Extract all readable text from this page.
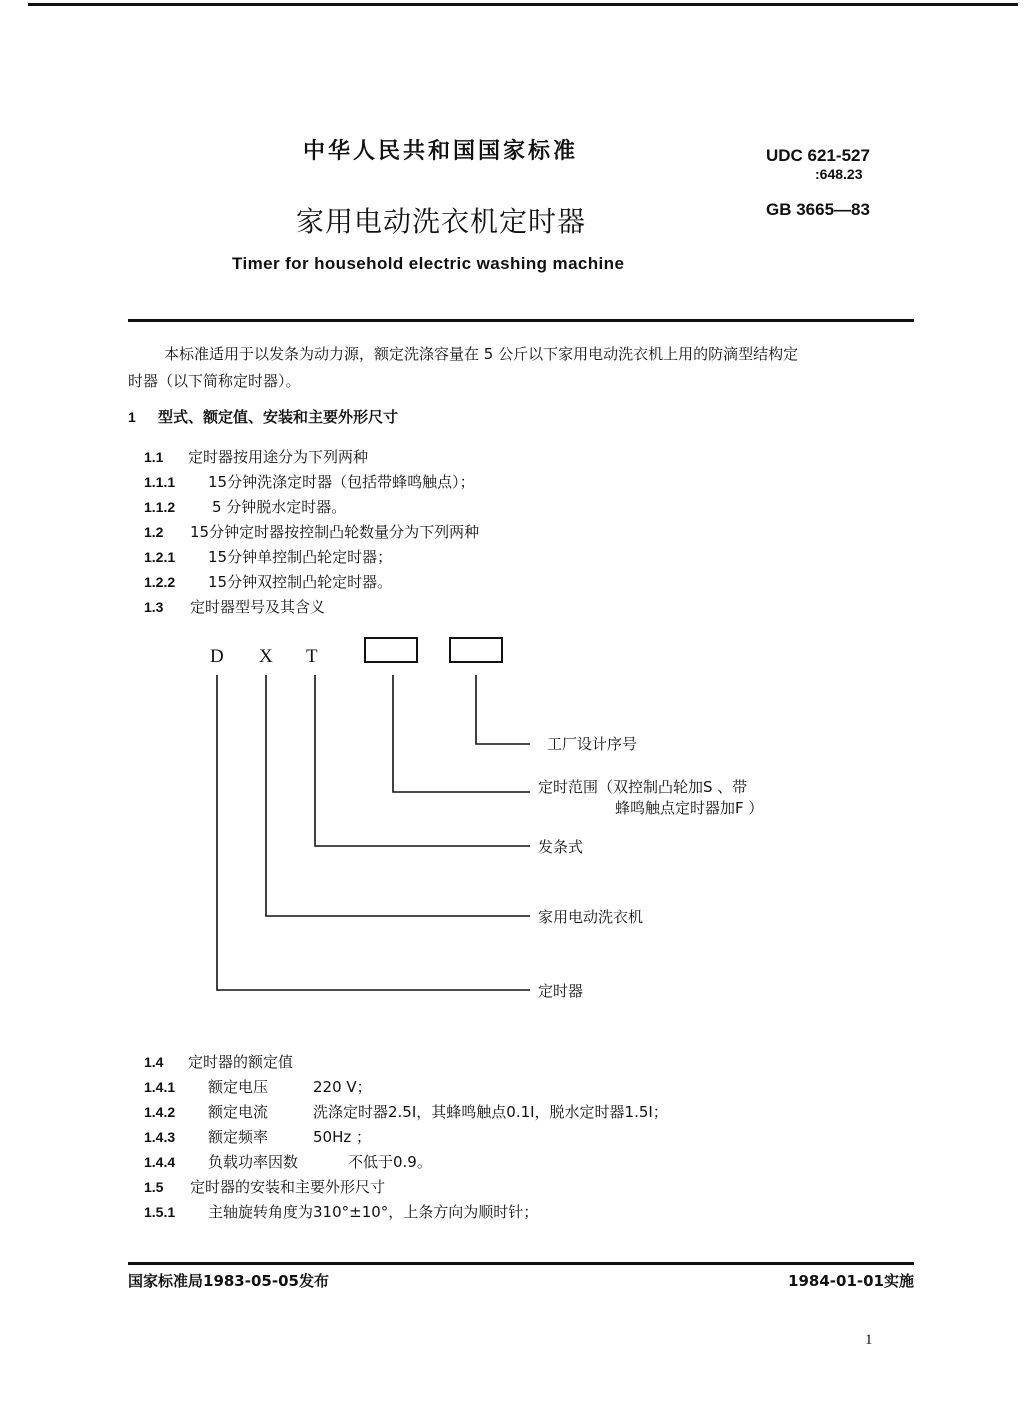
中华人民共和国国家标准	UDC 621-527
:648.23
家用电动洗衣机定时器	GB 3665—83
Timer for household electric washing machine
本标准适用于以发条为动力源，额定洗涤容量在 5 公斤以下家用电动洗衣机上用的防滴型结构定
时器（以下简称定时器）。
1 型式、额定值、安装和主要外形尺寸
1.1 定时器按用途分为下列两种
1.1.1 15分钟洗涤定时器（包括带蜂鸣触点）；
1.1.2 5 分钟脱水定时器。
1.2 15分钟定时器按控制凸轮数量分为下列两种
1.2.1 15分钟单控制凸轮定时器；
1.2.2 15分钟双控制凸轮定时器。
1.3 定时器型号及其含义
D X T
工厂设计序号
定时范围（双控制凸轮加S 、带
蜂鸣触点定时器加F ）
发条式
家用电动洗衣机
定时器
1.4 定时器的额定值
1.4.1 额定电压	220 V；
1.4.2 额定电流	洗涤定时器2.5Ⅰ，其蜂鸣触点0.1Ⅰ，脱水定时器1.5Ⅰ；
1.4.3 额定频率	50Hz ；
1.4.4 负载功率因数	不低于0.9。
1.5 定时器的安装和主要外形尺寸
1.5.1 主轴旋转角度为310°±10°，上条方向为顺时针；
国家标准局1983-05-05发布	1984-01-01实施
1
